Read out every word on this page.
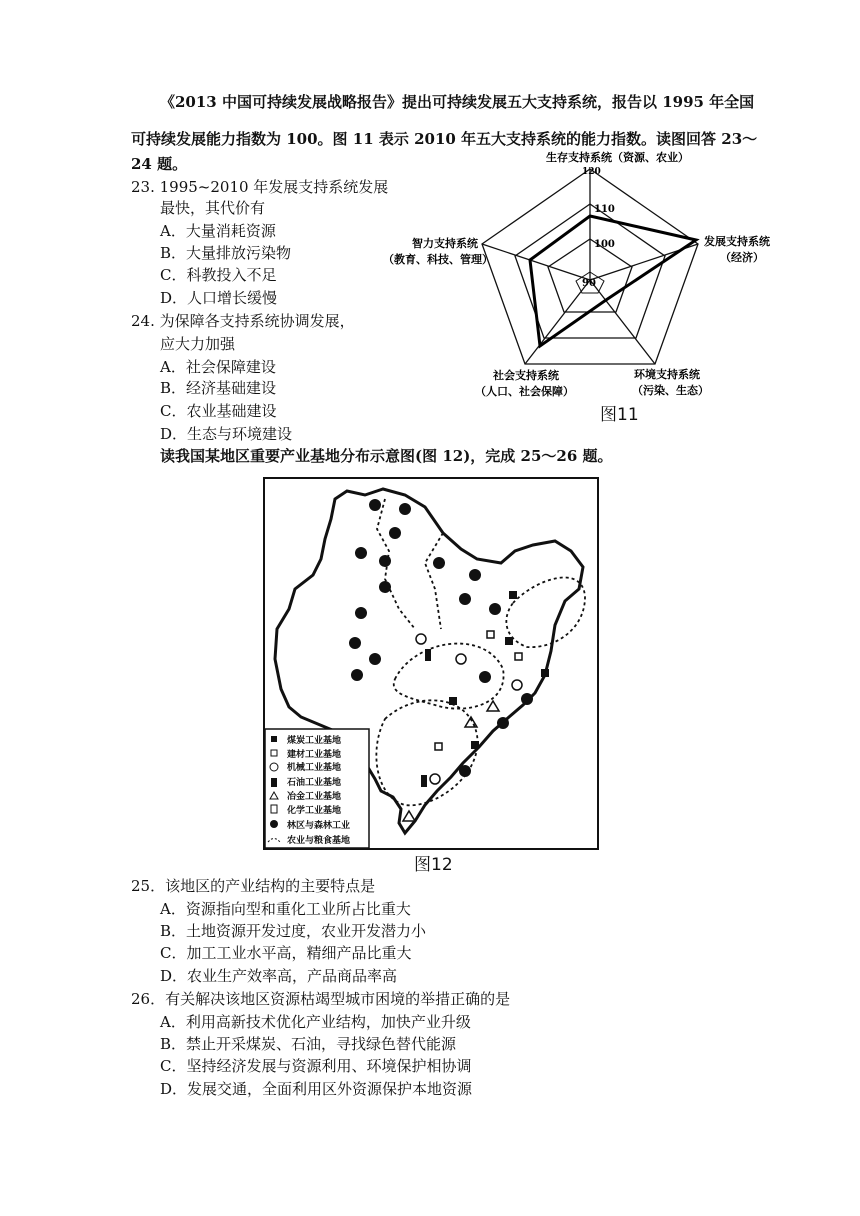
《2013 中国可持续发展战略报告》提出可持续发展五大支持系统，报告以 1995 年全国
可持续发展能力指数为 100。图 11 表示 2010 年五大支持系统的能力指数。读图回答 23～
24 题。
23. 1995~2010 年发展支持系统发展
最快，其代价有
A．大量消耗资源
B．大量排放污染物
C．科教投入不足
D．人口增长缓慢
24. 为保障各支持系统协调发展，
应大力加强
A．社会保障建设
B．经济基础建设
C．农业基础建设
D．生态与环境建设
120
110
100
90
生存支持系统（资源、农业）
发展支持系统
（经济）
环境支持系统
（污染、生态）
社会支持系统
（人口、社会保障）
智力支持系统
（教育、科技、管理）
图11
读我国某地区重要产业基地分布示意图(图 12)，完成 25～26 题。
煤炭工业基地
建材工业基地
机械工业基地
石油工业基地
冶金工业基地
化学工业基地
林区与森林工业
农业与粮食基地
图12
25．该地区的产业结构的主要特点是
A．资源指向型和重化工业所占比重大
B．土地资源开发过度，农业开发潜力小
C．加工工业水平高，精细产品比重大
D．农业生产效率高，产品商品率高
26．有关解决该地区资源枯竭型城市困境的举措正确的是
A．利用高新技术优化产业结构，加快产业升级
B．禁止开采煤炭、石油，寻找绿色替代能源
C．坚持经济发展与资源利用、环境保护相协调
D．发展交通，全面利用区外资源保护本地资源
